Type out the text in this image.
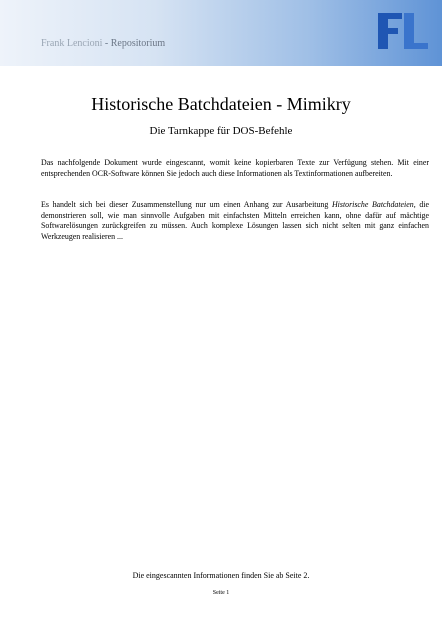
Frank Lencioni - Repositorium
Historische Batchdateien - Mimikry
Die Tarnkappe für DOS-Befehle

Das nachfolgende Dokument wurde eingescannt, womit keine kopierbaren Texte zur Verfügung stehen. Mit einer entsprechenden OCR-Software können Sie jedoch auch diese Informationen als Textinformationen aufbereiten.

Es handelt sich bei dieser Zusammenstellung nur um einen Anhang zur Ausarbeitung Historische Batchdateien, die demonstrieren soll, wie man sinnvolle Aufgaben mit einfachsten Mitteln erreichen kann, ohne dafür auf mächtige Softwarelösungen zurückgreifen zu müssen. Auch komplexe Lösungen lassen sich nicht selten mit ganz einfachen Werkzeugen realisieren ...

Die eingescannten Informationen finden Sie ab Seite 2.
Seite 1
